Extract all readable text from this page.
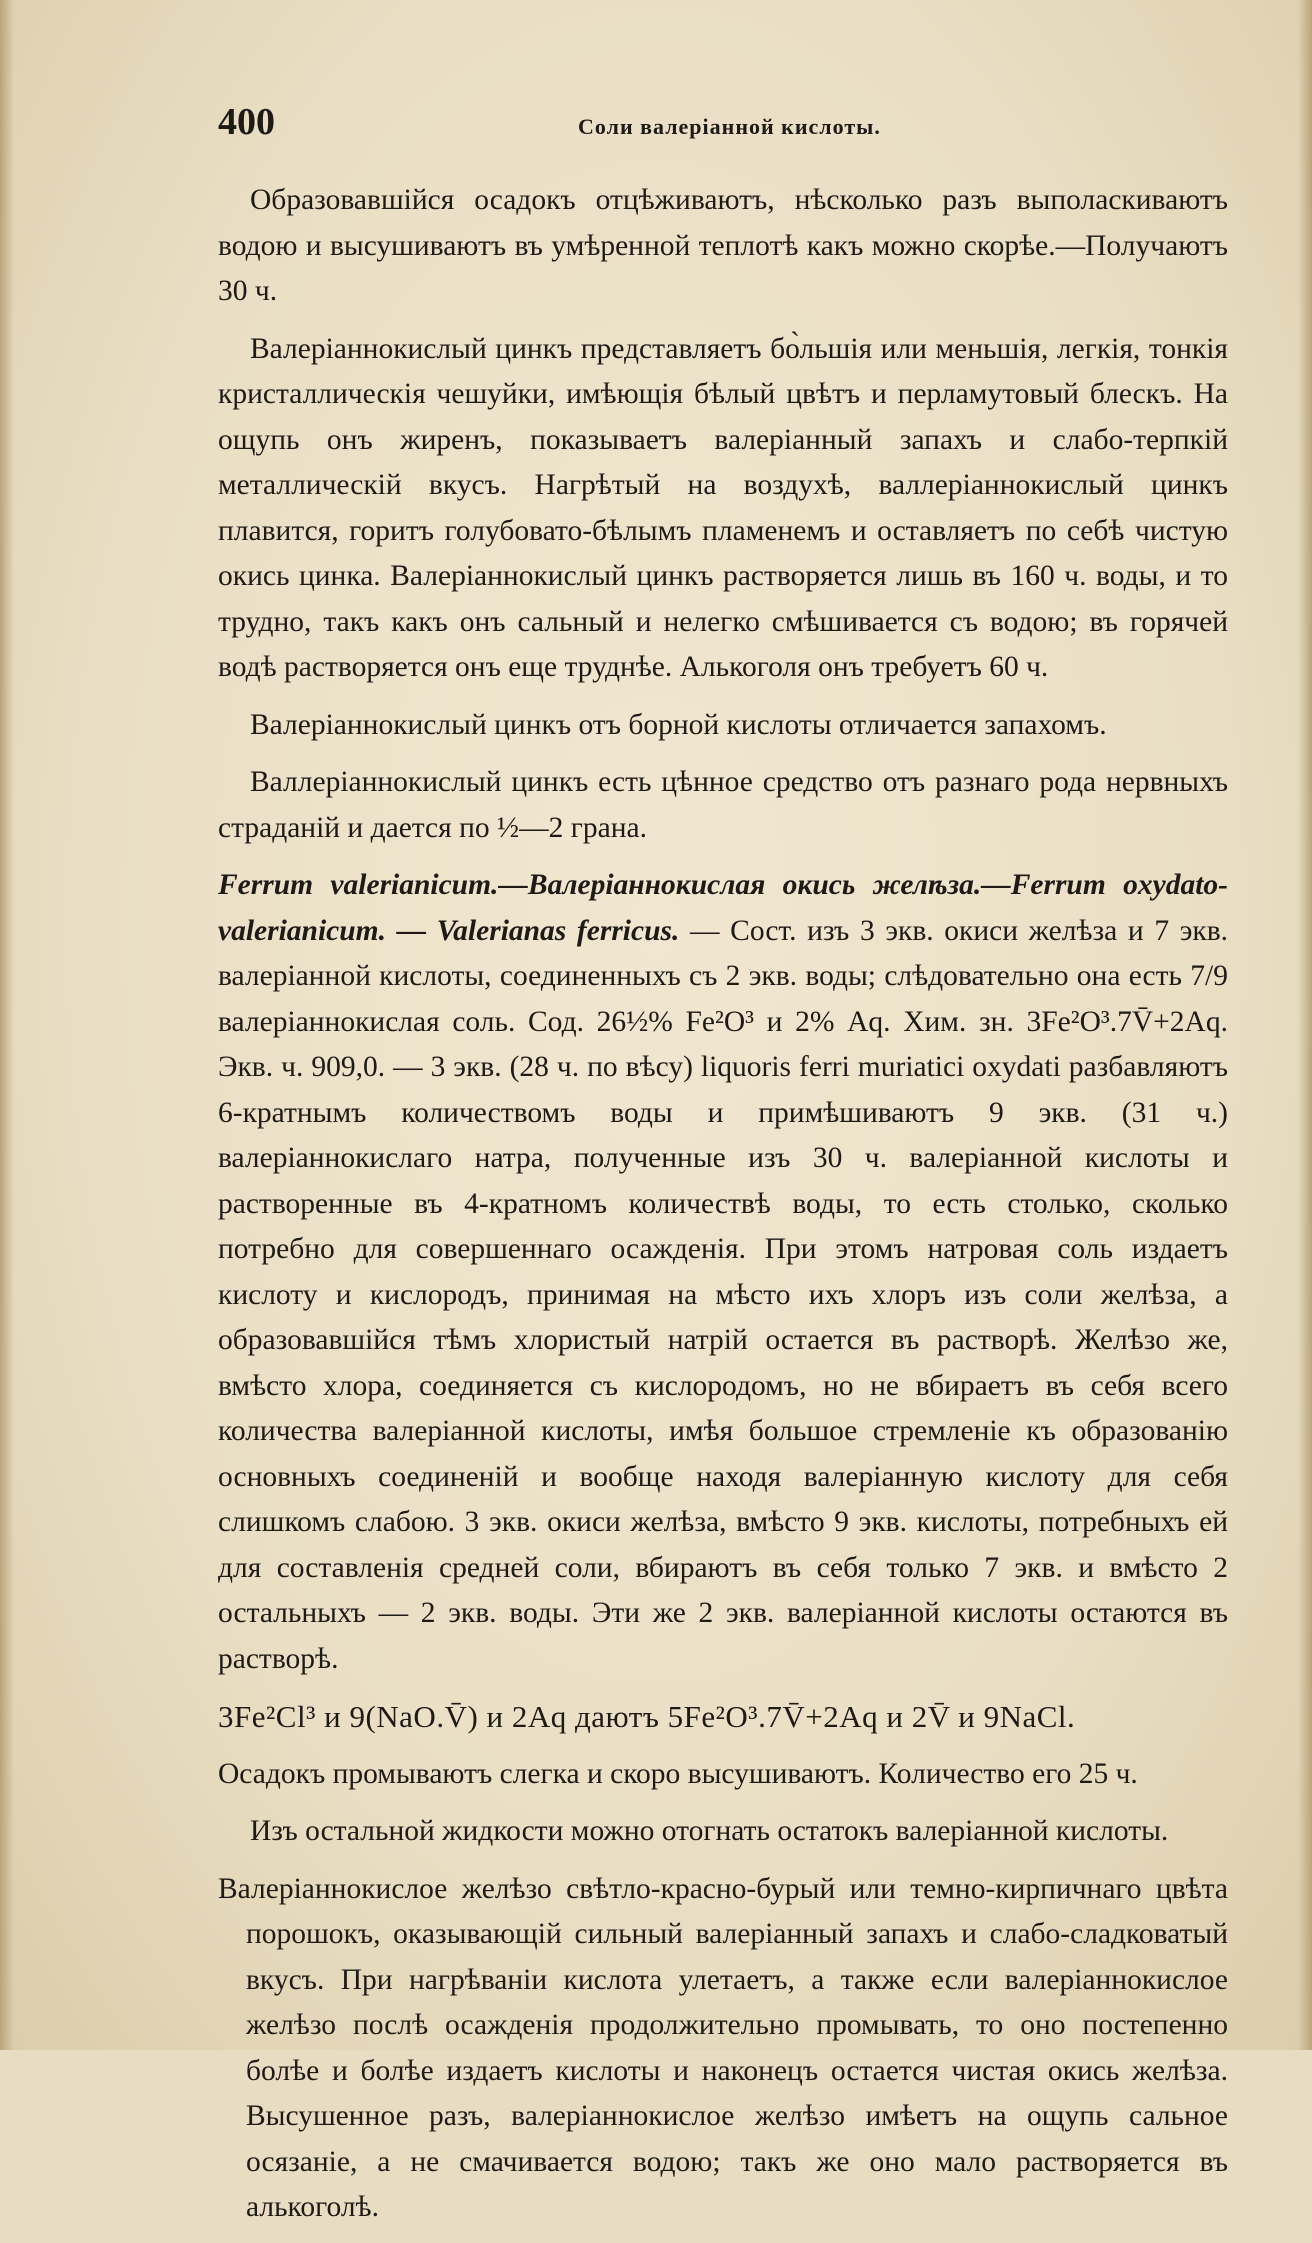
400	Соли валеріанной кислоты.

Образовавшійся осадокъ отцѣживаютъ, нѣсколько разъ выполаскиваютъ водою и высушиваютъ въ умѣренной теплотѣ какъ можно скорѣе.—Получаютъ 30 ч.

Валеріаннокислый цинкъ представляетъ бо̀льшія или меньшія, легкія, тонкія кристаллическія чешуйки, имѣющія бѣлый цвѣтъ и перламутовый блескъ. На ощупь онъ жиренъ, показываетъ валеріанный запахъ и слабо-терпкій металлическій вкусъ. Нагрѣтый на воздухѣ, валлеріаннокислый цинкъ плавится, горитъ голубовато-бѣлымъ пламенемъ и оставляетъ по себѣ чистую окись цинка. Валеріаннокислый цинкъ растворяется лишь въ 160 ч. воды, и то трудно, такъ какъ онъ сальный и нелегко смѣшивается съ водою; въ горячей водѣ растворяется онъ еще труднѣе. Алькоголя онъ требуетъ 60 ч.

Валеріаннокислый цинкъ отъ борной кислоты отличается запахомъ.

Валлеріаннокислый цинкъ есть цѣнное средство отъ разнаго рода нервныхъ страданій и дается по ½—2 грана.

Ferrum valerianicum.—Валеріаннокислая окись желѣза.—Ferrum oxydato-valerianicum. — Valerianas ferricus. — Сост. изъ 3 экв. окиси желѣза и 7 экв. валеріанной кислоты, соединенныхъ съ 2 экв. воды; слѣдовательно она есть 7/9 валеріаннокислая соль. Сод. 26½% Fe²O³ и 2% Aq. Хим. зн. 3Fe²O³.7V̄+2Aq. Экв. ч. 909,0. — 3 экв. (28 ч. по вѣсу) liquoris ferri muriatici oxydati разбавляютъ 6-кратнымъ количествомъ воды и примѣшиваютъ 9 экв. (31 ч.) валеріаннокислаго натра, полученные изъ 30 ч. валеріанной кислоты и растворенные въ 4-кратномъ количествѣ воды, то есть столько, сколько потребно для совершеннаго осажденія. При этомъ натровая соль издаетъ кислоту и кислородъ, принимая на мѣсто ихъ хлоръ изъ соли желѣза, а образовавшійся тѣмъ хлористый натрій остается въ растворѣ. Желѣзо же, вмѣсто хлора, соединяется съ кислородомъ, но не вбираетъ въ себя всего количества валеріанной кислоты, имѣя большое стремленіе къ образованію основныхъ соединеній и вообще находя валеріанную кислоту для себя слишкомъ слабою. 3 экв. окиси желѣза, вмѣсто 9 экв. кислоты, потребныхъ ей для составленія средней соли, вбираютъ въ себя только 7 экв. и вмѣсто 2 остальныхъ — 2 экв. воды. Эти же 2 экв. валеріанной кислоты остаются въ растворѣ.

3Fe²Cl³ и 9(NaO.V̄) и 2Aq даютъ 5Fe²O³.7V̄+2Aq и 2V̄ и 9NaCl.

Осадокъ промываютъ слегка и скоро высушиваютъ. Количество его 25 ч.

Изъ остальной жидкости можно отогнать остатокъ валеріанной кислоты.

Валеріаннокислое желѣзо свѣтло-красно-бурый или темно-кирпичнаго цвѣта порошокъ, оказывающій сильный валеріанный запахъ и слабо-сладковатый вкусъ. При нагрѣваніи кислота улетаетъ, а также если валеріаннокислое желѣзо послѣ осажденія продолжительно промывать, то оно постепенно болѣе и болѣе издаетъ кислоты и наконецъ остается чистая окись желѣза. Высушенное разъ, валеріаннокислое желѣзо имѣетъ на ощупь сальное осязаніе, а не смачивается водою; такъ же оно мало растворяется въ алькоголѣ.
